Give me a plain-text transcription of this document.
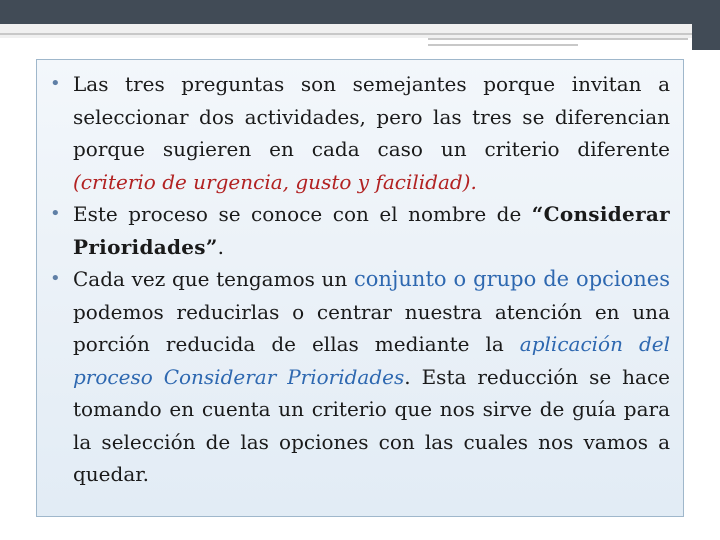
• Las tres preguntas son semejantes porque invitan a seleccionar dos actividades, pero las tres se diferencian porque sugieren en cada caso un criterio diferente (criterio de urgencia, gusto y facilidad).
• Este proceso se conoce con el nombre de “Considerar Prioridades”.
• Cada vez que tengamos un conjunto o grupo de opciones podemos reducirlas o centrar nuestra atención en una porción reducida de ellas mediante la aplicación del proceso Considerar Prioridades. Esta reducción se hace tomando en cuenta un criterio que nos sirve de guía para la selección de las opciones con las cuales nos vamos a quedar.
